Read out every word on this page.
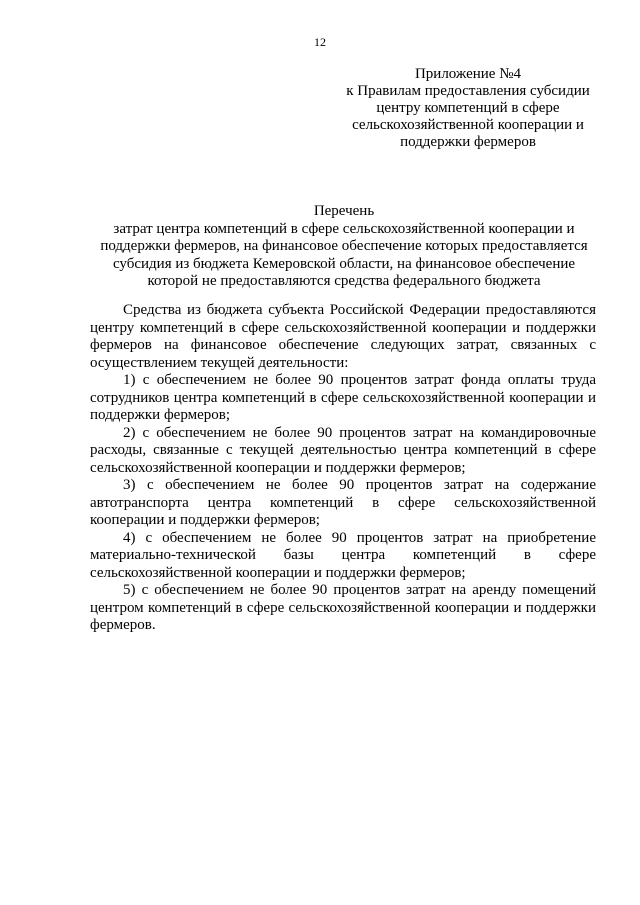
12
Приложение №4
к Правилам предоставления субсидии
центру компетенций в сфере
сельскохозяйственной кооперации и
поддержки фермеров
Перечень
затрат центра компетенций в сфере сельскохозяйственной кооперации и
поддержки фермеров, на финансовое обеспечение которых предоставляется
субсидия из бюджета Кемеровской области, на финансовое обеспечение
которой не предоставляются средства федерального бюджета

Средства из бюджета субъекта Российской Федерации предоставляются центру компетенций в сфере сельскохозяйственной кооперации и поддержки фермеров на финансовое обеспечение следующих затрат, связанных с осуществлением текущей деятельности:

1) с обеспечением не более 90 процентов затрат фонда оплаты труда сотрудников центра компетенций в сфере сельскохозяйственной кооперации и поддержки фермеров;

2) с обеспечением не более 90 процентов затрат на командировочные расходы, связанные с текущей деятельностью центра компетенций в сфере сельскохозяйственной кооперации и поддержки фермеров;

3) с обеспечением не более 90 процентов затрат на содержание автотранспорта центра компетенций в сфере сельскохозяйственной кооперации и поддержки фермеров;

4) с обеспечением не более 90 процентов затрат на приобретение материально-технической базы центра компетенций в сфере сельскохозяйственной кооперации и поддержки фермеров;

5) с обеспечением не более 90 процентов затрат на аренду помещений центром компетенций в сфере сельскохозяйственной кооперации и поддержки фермеров.
